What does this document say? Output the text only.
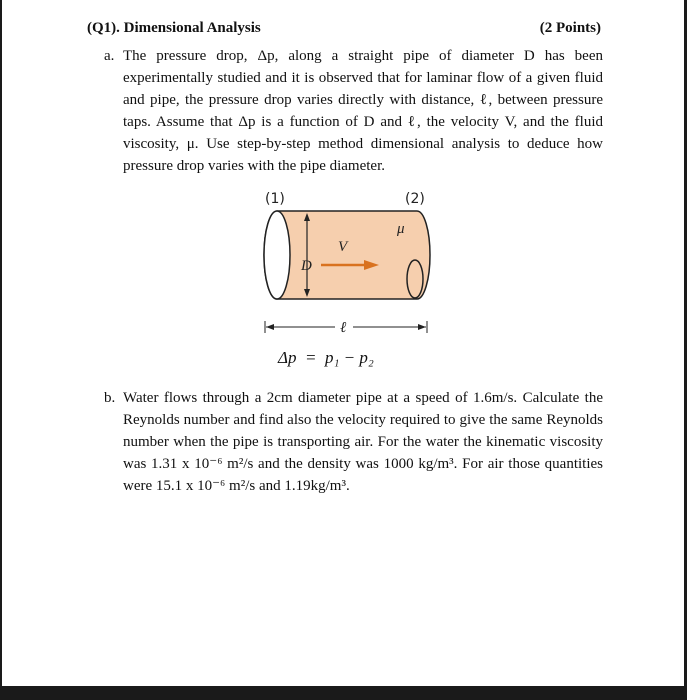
(Q1). Dimensional Analysis	(2 Points)
a. The pressure drop, Δp, along a straight pipe of diameter D has been experimentally studied and it is observed that for laminar flow of a given fluid and pipe, the pressure drop varies directly with distance, ℓ, between pressure taps. Assume that Δp is a function of D and ℓ, the velocity V, and the fluid viscosity, μ. Use step-by-step method dimensional analysis to deduce how pressure drop varies with the pipe diameter.
(1)	(2)
D
V
μ
ℓ
Δp  =  p₁ − p₂
b. Water flows through a 2cm diameter pipe at a speed of 1.6m/s. Calculate the Reynolds number and find also the velocity required to give the same Reynolds number when the pipe is transporting air. For the water the kinematic viscosity was 1.31 x 10⁻⁶ m²/s and the density was 1000 kg/m³. For air those quantities were 15.1 x 10⁻⁶ m²/s and 1.19kg/m³.
